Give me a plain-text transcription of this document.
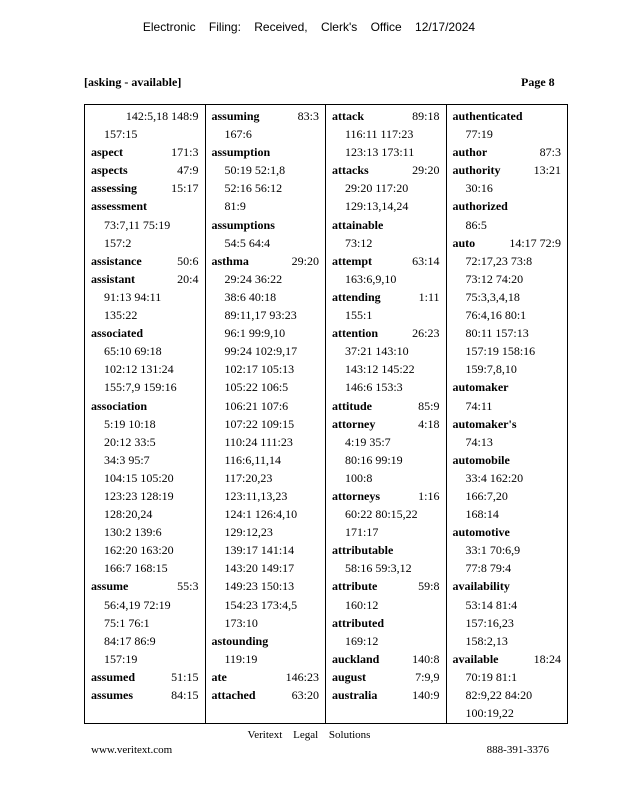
Electronic Filing: Received, Clerk's Office 12/17/2024
[asking - available]	Page 8
142:5,18 148:9
157:15
aspect	171:3
aspects	47:9
assessing	15:17
assessment
73:7,11 75:19
157:2
assistance	50:6
assistant	20:4
91:13 94:11
135:22
associated
65:10 69:18
102:12 131:24
155:7,9 159:16
association
5:19 10:18
20:12 33:5
34:3 95:7
104:15 105:20
123:23 128:19
128:20,24
130:2 139:6
162:20 163:20
166:7 168:15
assume	55:3
56:4,19 72:19
75:1 76:1
84:17 86:9
157:19
assumed	51:15
assumes	84:15
assuming	83:3
167:6
assumption
50:19 52:1,8
52:16 56:12
81:9
assumptions
54:5 64:4
asthma	29:20
29:24 36:22
38:6 40:18
89:11,17 93:23
96:1 99:9,10
99:24 102:9,17
102:17 105:13
105:22 106:5
106:21 107:6
107:22 109:15
110:24 111:23
116:6,11,14
117:20,23
123:11,13,23
124:1 126:4,10
129:12,23
139:17 141:14
143:20 149:17
149:23 150:13
154:23 173:4,5
173:10
astounding
119:19
ate	146:23
attached	63:20
attack	89:18
116:11 117:23
123:13 173:11
attacks	29:20
29:20 117:20
129:13,14,24
attainable
73:12
attempt	63:14
163:6,9,10
attending	1:11
155:1
attention	26:23
37:21 143:10
143:12 145:22
146:6 153:3
attitude	85:9
attorney	4:18
4:19 35:7
80:16 99:19
100:8
attorneys	1:16
60:22 80:15,22
171:17
attributable
58:16 59:3,12
attribute	59:8
160:12
attributed
169:12
auckland	140:8
august	7:9,9
australia	140:9
authenticated
77:19
author	87:3
authority	13:21
30:16
authorized
86:5
auto	14:17 72:9
72:17,23 73:8
73:12 74:20
75:3,3,4,18
76:4,16 80:1
80:11 157:13
157:19 158:16
159:7,8,10
automaker
74:11
automaker's
74:13
automobile
33:4 162:20
166:7,20
168:14
automotive
33:1 70:6,9
77:8 79:4
availability
53:14 81:4
157:16,23
158:2,13
available	18:24
70:19 81:1
82:9,22 84:20
100:19,22
Veritext Legal Solutions
www.veritext.com	888-391-3376
